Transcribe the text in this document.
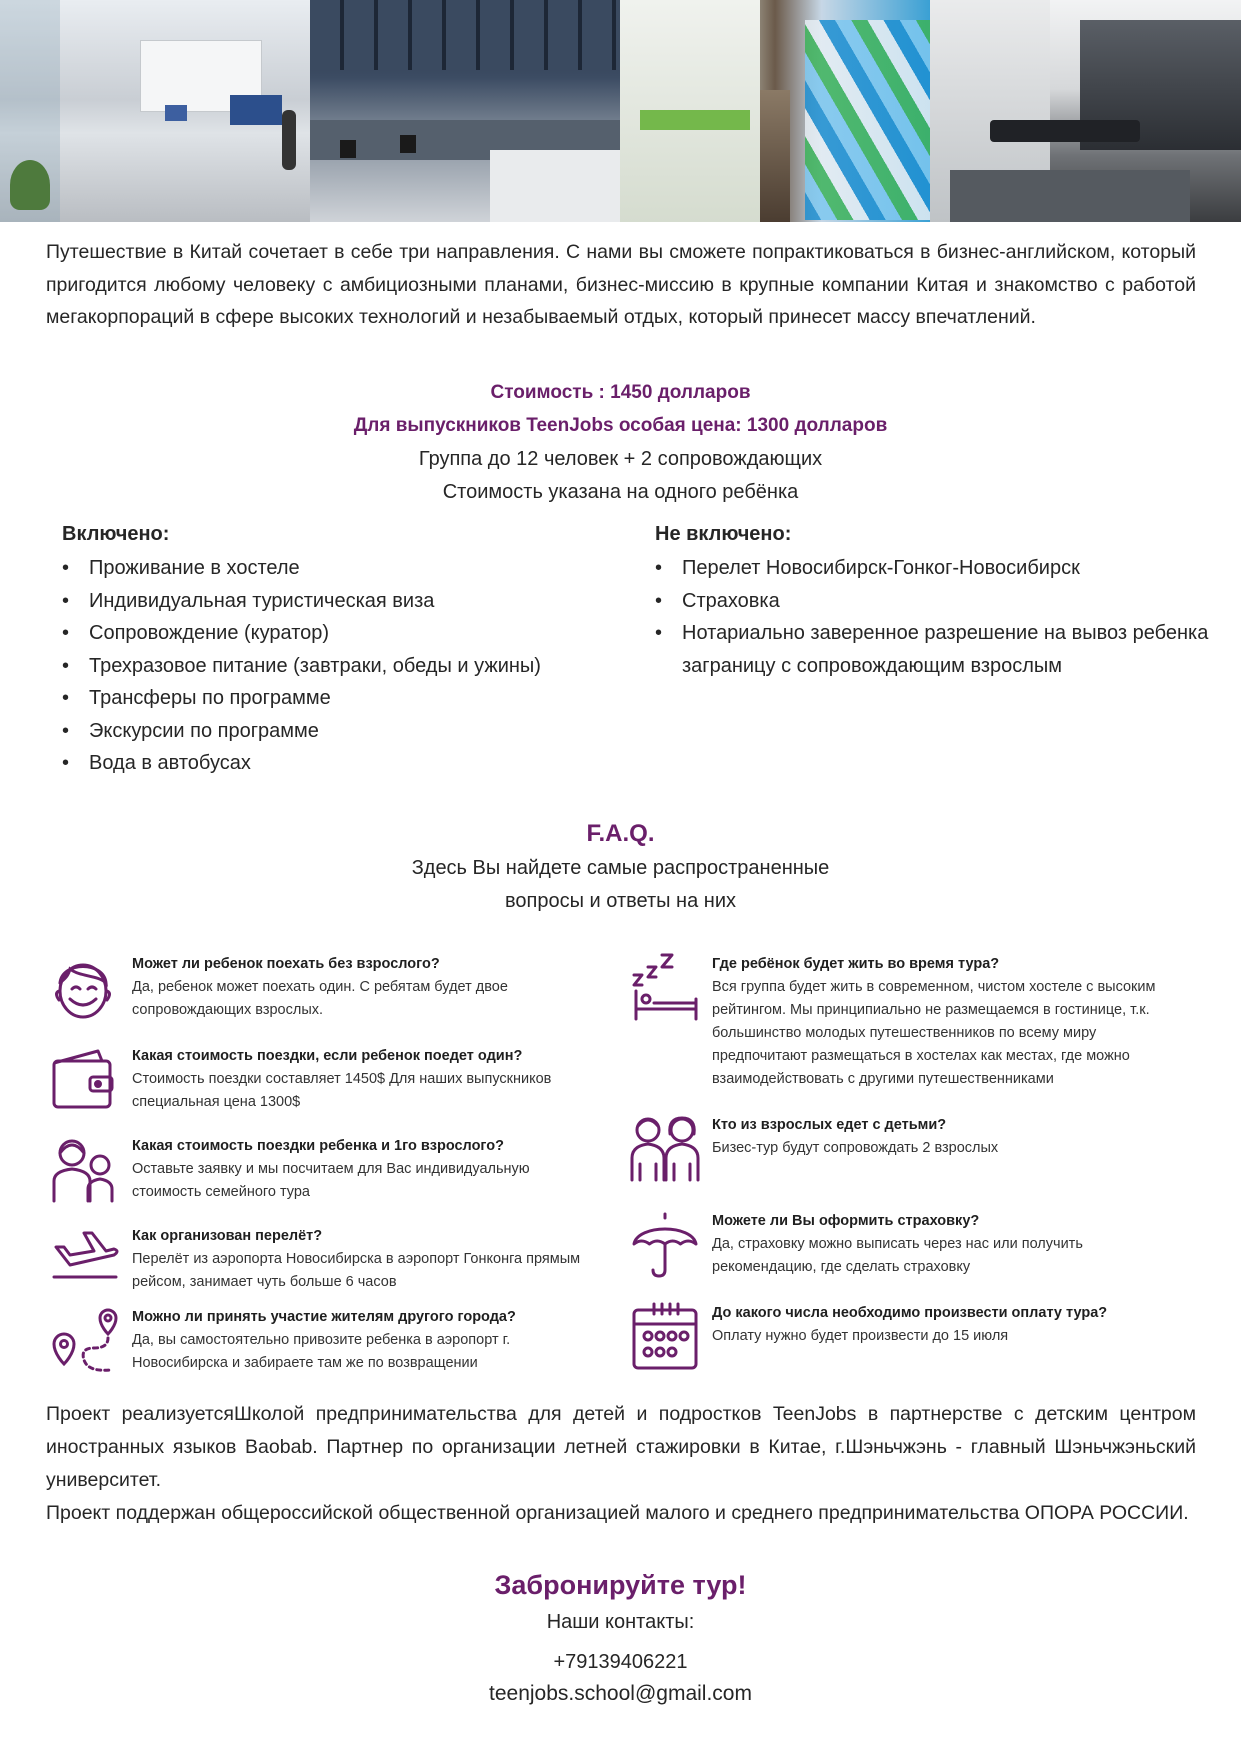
Путешествие в Китай сочетает в себе три направления. С нами вы сможете попрактиковаться в бизнес-английском, который пригодится любому человеку с амбициозными планами, бизнес-миссию в крупные компании Китая и знакомство с работой мегакорпораций в сфере высоких технологий и незабываемый отдых, который принесет массу впечатлений.
Стоимость : 1450 долларов
Для выпускников TeenJobs особая цена: 1300 долларов
Группа до 12 человек + 2 сопровождающих
Стоимость указана на одного ребёнка
Включено:
• Проживание в хостеле
• Индивидуальная туристическая виза
• Сопровождение (куратор)
• Трехразовое питание (завтраки, обеды и ужины)
• Трансферы по программе
• Экскурсии по программе
• Вода в автобусах
Не включено:
• Перелет Новосибирск-Гонког-Новосибирск
• Страховка
• Нотариально заверенное разрешение на вывоз ребенка заграницу с сопровождающим взрослым
F.A.Q.
Здесь Вы найдете самые распространенные
вопросы и ответы на них
Может ли ребенок поехать без взрослого?
Да, ребенок может поехать один. С ребятам будет двое сопровождающих взрослых.
Какая стоимость поездки, если ребенок поедет один?
Стоимость поездки составляет 1450$ Для наших выпускников специальная цена 1300$
Какая стоимость поездки ребенка и 1го взрослого?
Оставьте заявку и мы посчитаем для Вас индивидуальную стоимость семейного тура
Как организован перелёт?
Перелёт из аэропорта Новосибирска в аэропорт Гонконга прямым рейсом, занимает чуть больше 6 часов
Можно ли принять участие жителям другого города?
Да, вы самостоятельно привозите ребенка в аэропорт г. Новосибирска и забираете там же по возвращении
Где ребёнок будет жить во время тура?
Вся группа будет жить в современном, чистом хостеле с высоким рейтингом. Мы принципиально не размещаемся в гостинице, т.к. большинство молодых путешественников по всему миру предпочитают размещаться в хостелах как местах, где можно взаимодействовать с другими путешественниками
Кто из взрослых едет с детьми?
Бизес-тур будут сопровождать 2 взрослых
Можете ли Вы оформить страховку?
Да, страховку можно выписать через нас или получить рекомендацию, где сделать страховку
До какого числа необходимо произвести оплату тура?
Оплату нужно будет произвести до 15 июля

Проект реализуетсяШколой предпринимательства для детей и подростков TeenJobs в партнерстве с детским центром иностранных языков Baobab. Партнер по организации летней стажировки в Китае, г.Шэньчжэнь - главный Шэньчжэньский университет.

Проект поддержан общероссийской общественной организацией малого и среднего предпринимательства ОПОРА РОССИИ.

Забронируйте тур!
Наши контакты:
+79139406221
teenjobs.school@gmail.com
